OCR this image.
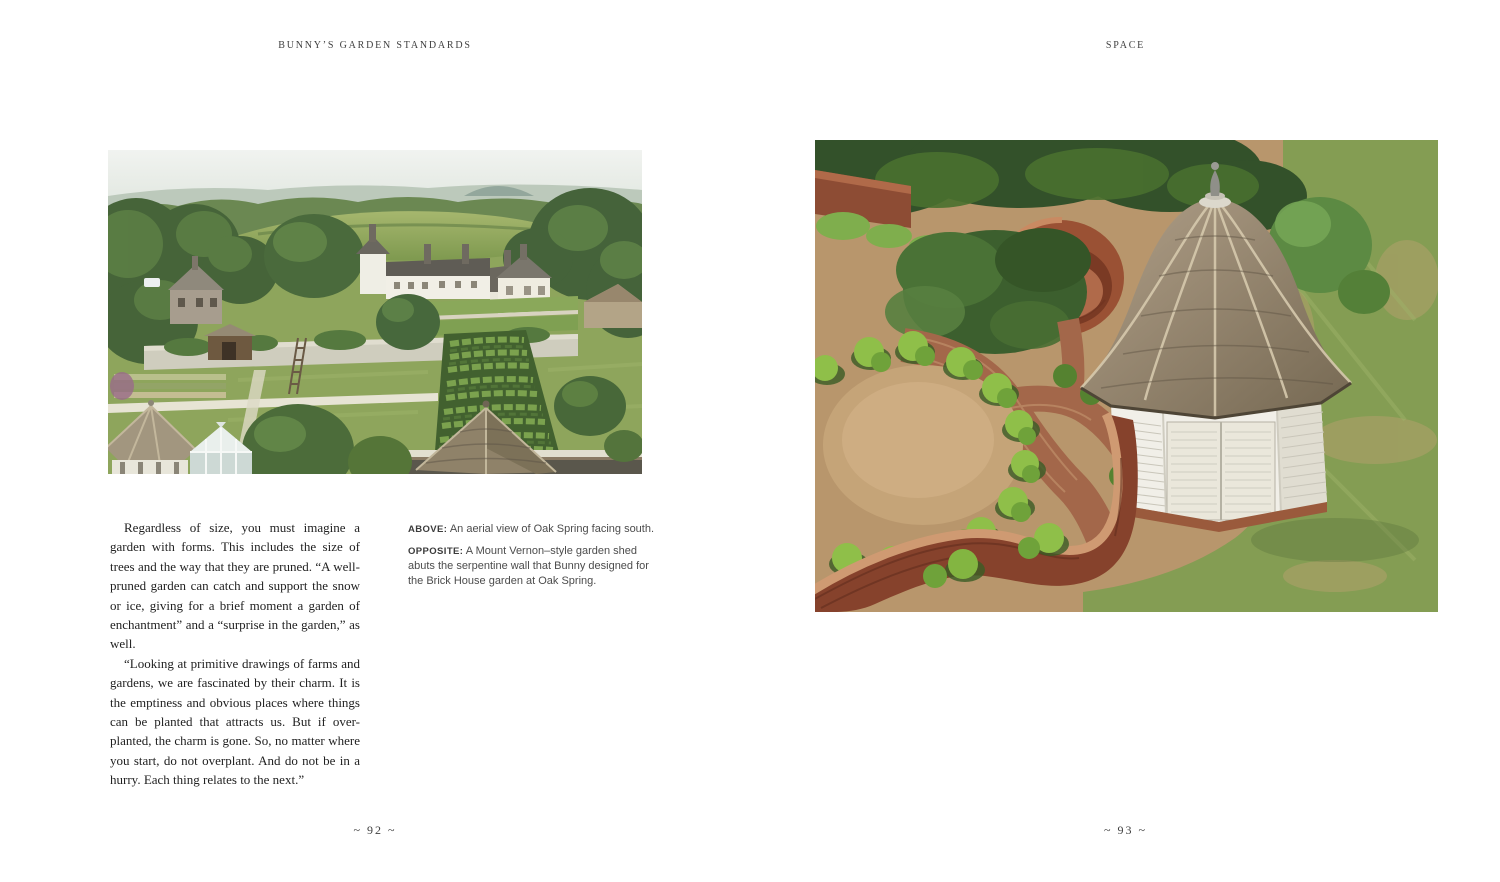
BUNNY’S GARDEN STANDARDS

Regardless of size, you must imagine a garden with forms. This includes the size of trees and the way that they are pruned. “A well-pruned garden can catch and support the snow or ice, giving for a brief moment a garden of enchantment” and a “surprise in the garden,” as well.

“Looking at primitive drawings of farms and gardens, we are fascinated by their charm. It is the emptiness and obvious places where things can be planted that attracts us. But if over-planted, the charm is gone. So, no matter where you start, do not overplant. And do not be in a hurry. Each thing relates to the next.”

ABOVE: An aerial view of Oak Spring facing south.

OPPOSITE: A Mount Vernon–style garden shed abuts the serpentine wall that Bunny designed for the Brick House garden at Oak Spring.

~ 92 ~
SPACE
~ 93 ~
